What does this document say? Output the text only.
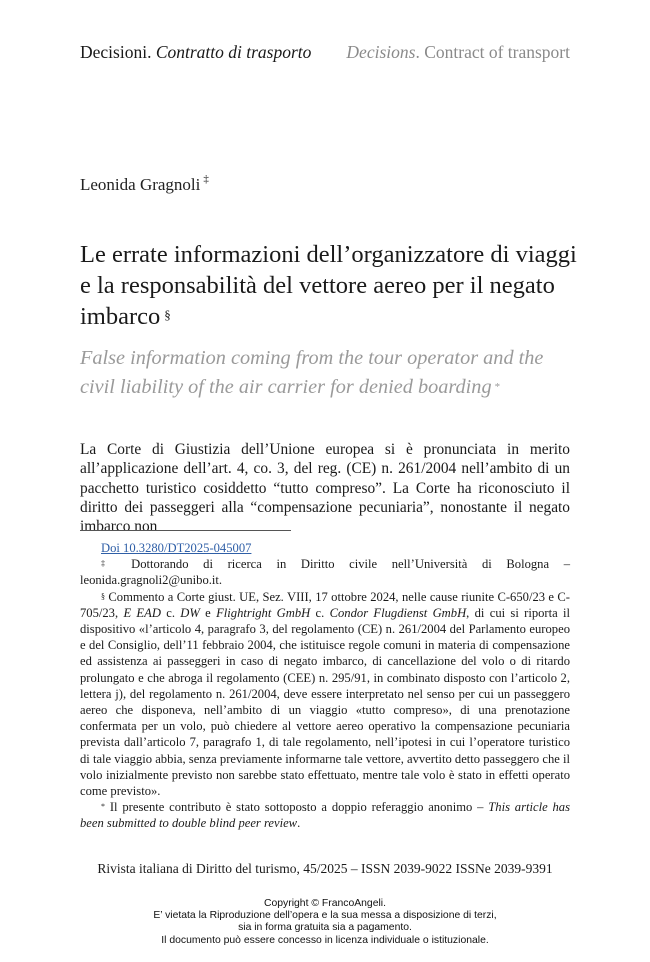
Decisioni. Contratto di trasporto Decisions. Contract of transport
Leonida Gragnoli ‡
Le errate informazioni dell’organizzatore di viaggi e la responsabilità del vettore aereo per il negato imbarco §
False information coming from the tour operator and the civil liability of the air carrier for denied boarding *
La Corte di Giustizia dell’Unione europea si è pronunciata in merito all’applicazione dell’art. 4, co. 3, del reg. (CE) n. 261/2004 nell’ambito di un pacchetto turistico cosiddetto “tutto compreso”. La Corte ha riconosciuto il diritto dei passeggeri alla “compensazione pecuniaria”, nonostante il negato imbarco non

Doi 10.3280/DT2025-045007

‡ Dottorando di ricerca in Diritto civile nell’Università di Bologna – leonida.gragnoli2@unibo.it.

§ Commento a Corte giust. UE, Sez. VIII, 17 ottobre 2024, nelle cause riunite C-650/23 e C-705/23, E EAD c. DW e Flightright GmbH c. Condor Flugdienst GmbH, di cui si riporta il dispositivo «l’articolo 4, paragrafo 3, del regolamento (CE) n. 261/2004 del Parlamento europeo e del Consiglio, dell’11 febbraio 2004, che istituisce regole comuni in materia di compensazione ed assistenza ai passeggeri in caso di negato imbarco, di cancellazione del volo o di ritardo prolungato e che abroga il regolamento (CEE) n. 295/91, in combinato disposto con l’articolo 2, lettera j), del regolamento n. 261/2004, deve essere interpretato nel senso per cui un passeggero aereo che disponeva, nell’ambito di un viaggio «tutto compreso», di una prenotazione confermata per un volo, può chiedere al vettore aereo operativo la compensazione pecuniaria prevista dall’articolo 7, paragrafo 1, di tale regolamento, nell’ipotesi in cui l’operatore turistico di tale viaggio abbia, senza previamente informarne tale vettore, avvertito detto passeggero che il volo inizialmente previsto non sarebbe stato effettuato, mentre tale volo è stato in effetti operato come previsto».

* Il presente contributo è stato sottoposto a doppio referaggio anonimo – This article has been submitted to double blind peer review.

Rivista italiana di Diritto del turismo, 45/2025 – ISSN 2039-9022 ISSNe 2039-9391
Copyright © FrancoAngeli.
E’ vietata la Riproduzione dell’opera e la sua messa a disposizione di terzi,
sia in forma gratuita sia a pagamento.
Il documento può essere concesso in licenza individuale o istituzionale.
